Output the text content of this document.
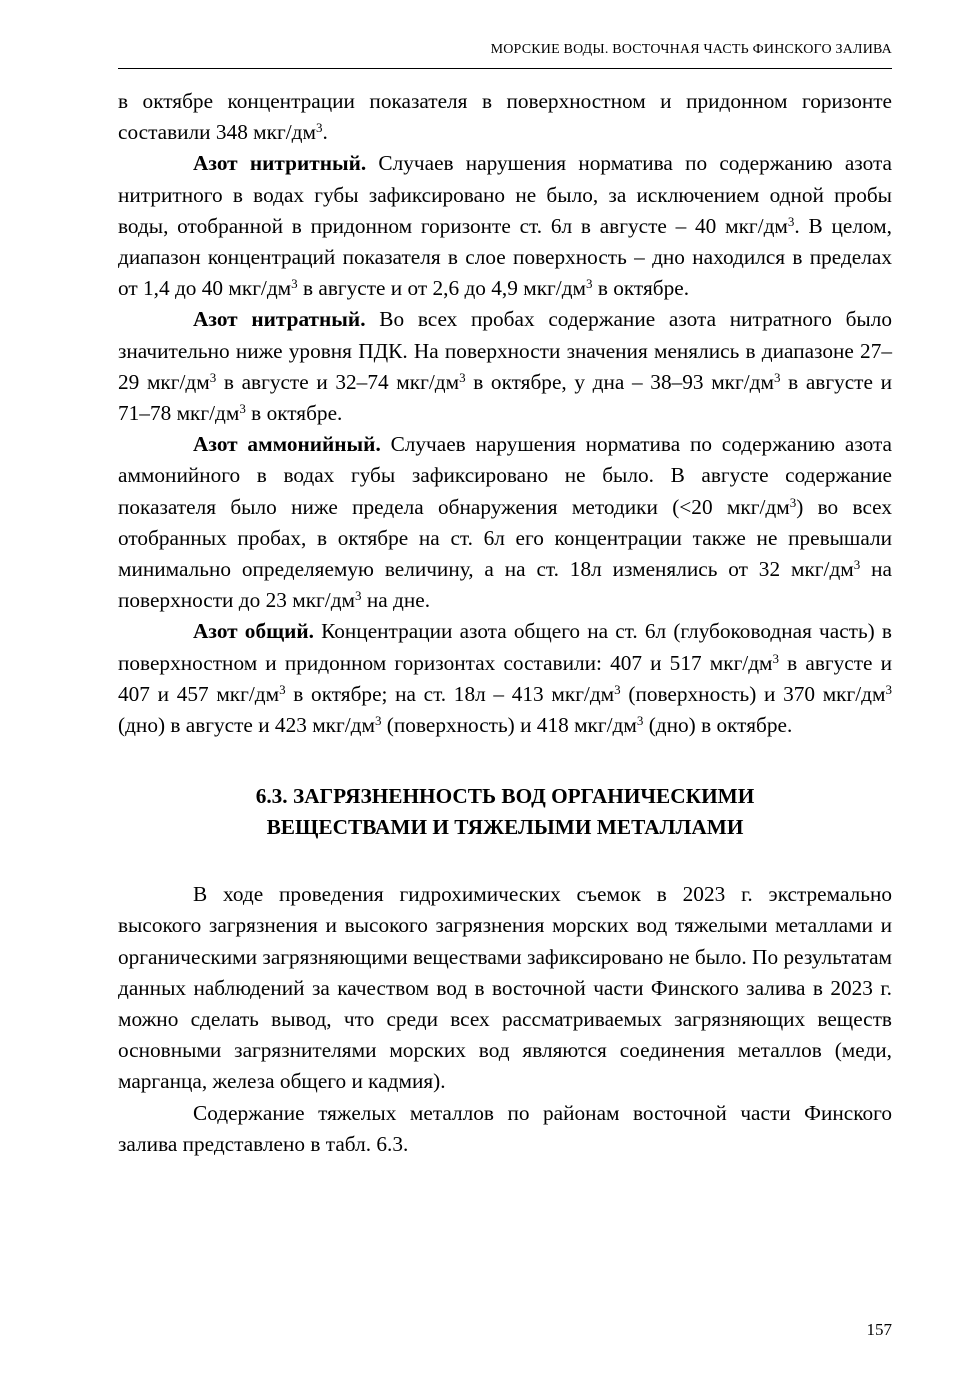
МОРСКИЕ ВОДЫ. ВОСТОЧНАЯ ЧАСТЬ ФИНСКОГО ЗАЛИВА

в октябре концентрации показателя в поверхностном и придонном горизонте составили 348 мкг/$дм^3$.

Азот нитритный. Случаев нарушения норматива по содержанию азота нитритного в водах губы зафиксировано не было, за исключением одной пробы воды, отобранной в придонном горизонте ст. 6л в августе – 40 мкг/$дм^3$. В целом, диапазон концентраций показателя в слое поверхность – дно находился в пределах от 1,4 до 40 мкг/$дм^3$ в августе и от 2,6 до 4,9 мкг/$дм^3$ в октябре.

Азот нитратный. Во всех пробах содержание азота нитратного было значительно ниже уровня ПДК. На поверхности значения менялись в диапазоне 27–29 мкг/$дм^3$ в августе и 32–74 мкг/$дм^3$ в октябре, у дна – 38–93 мкг/$дм^3$ в августе и 71–78 мкг/$дм^3$ в октябре.

Азот аммонийный. Случаев нарушения норматива по содержанию азота аммонийного в водах губы зафиксировано не было. В августе содержание показателя было ниже предела обнаружения методики (<20 мкг/$дм^3$) во всех отобранных пробах, в октябре на ст. 6л его концентрации также не превышали минимально определяемую величину, а на ст. 18л изменялись от 32 мкг/$дм^3$ на поверхности до 23 мкг/$дм^3$ на дне.

Азот общий. Концентрации азота общего на ст. 6л (глубоководная часть) в поверхностном и придонном горизонтах составили: 407 и 517 мкг/$дм^3$ в августе и 407 и 457 мкг/$дм^3$ в октябре; на ст. 18л – 413 мкг/$дм^3$ (поверхность) и 370 мкг/$дм^3$ (дно) в августе и 423 мкг/$дм^3$ (поверхность) и 418 мкг/$дм^3$ (дно) в октябре.

6.3. ЗАГРЯЗНЕННОСТЬ ВОД ОРГАНИЧЕСКИМИ
ВЕЩЕСТВАМИ И ТЯЖЕЛЫМИ МЕТАЛЛАМИ

В ходе проведения гидрохимических съемок в 2023 г. экстремально высокого загрязнения и высокого загрязнения морских вод тяжелыми металлами и органическими загрязняющими веществами зафиксировано не было. По результатам данных наблюдений за качеством вод в восточной части Финского залива в 2023 г. можно сделать вывод, что среди всех рассматриваемых загрязняющих веществ основными загрязнителями морских вод являются соединения металлов (меди, марганца, железа общего и кадмия).

Содержание тяжелых металлов по районам восточной части Финского залива представлено в табл. 6.3.

157
